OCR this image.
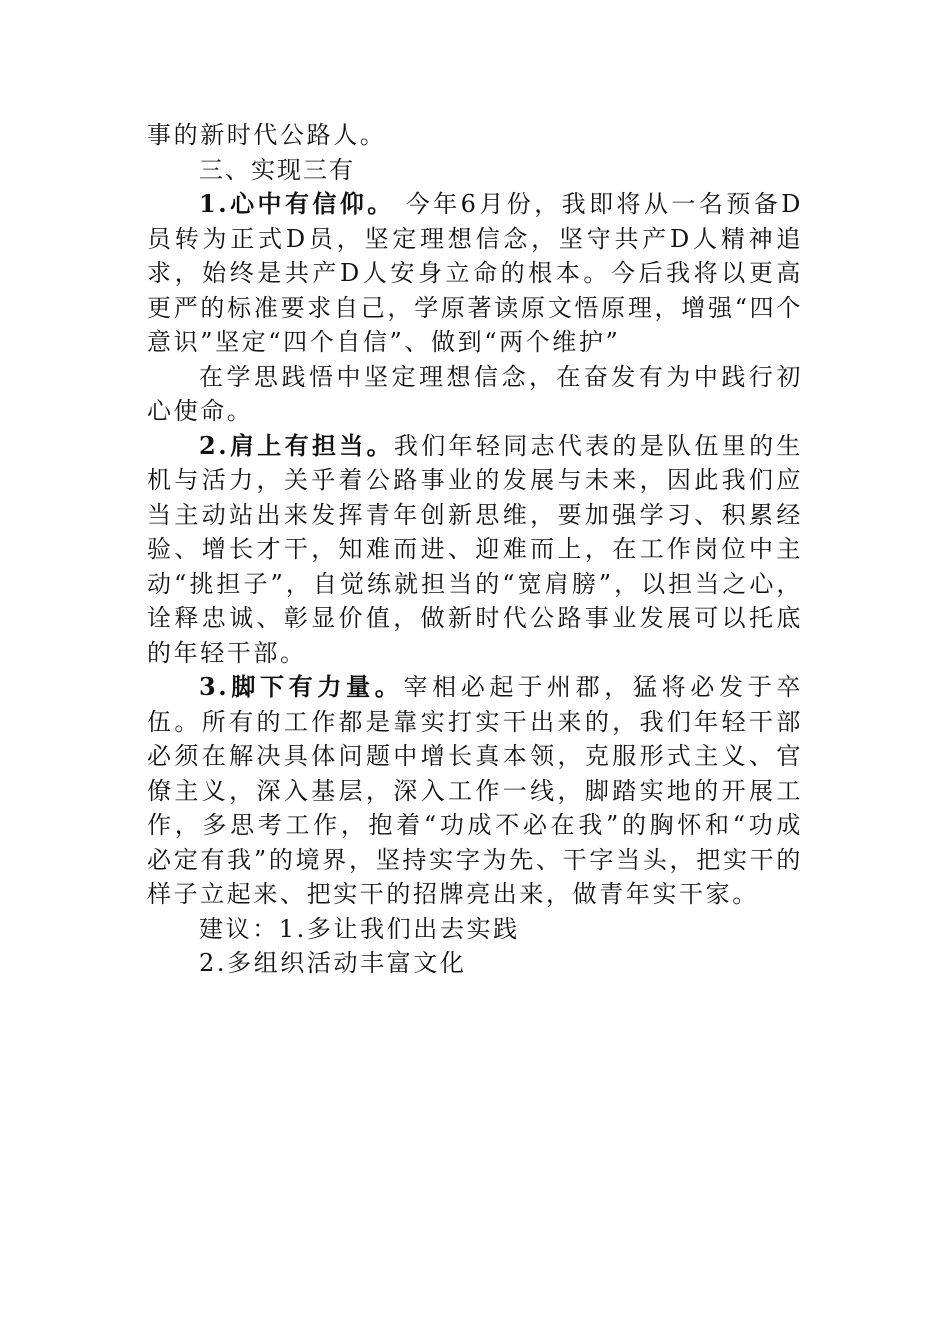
事的新时代公路人。

三、实现三有

1.心中有信仰。 今年6月份，我即将从一名预备D员转为正式D员，坚定理想信念，坚守共产D人精神追求，始终是共产D人安身立命的根本。今后我将以更高更严的标准要求自己，学原著读原文悟原理，增强“四个意识”坚定“四个自信”、做到“两个维护”

在学思践悟中坚定理想信念，在奋发有为中践行初心使命。

2.肩上有担当。我们年轻同志代表的是队伍里的生机与活力，关乎着公路事业的发展与未来，因此我们应当主动站出来发挥青年创新思维，要加强学习、积累经验、增长才干，知难而进、迎难而上，在工作岗位中主动“挑担子”，自觉练就担当的“宽肩膀”，以担当之心，诠释忠诚、彰显价值，做新时代公路事业发展可以托底的年轻干部。

3.脚下有力量。宰相必起于州郡，猛将必发于卒伍。所有的工作都是靠实打实干出来的，我们年轻干部必须在解决具体问题中增长真本领，克服形式主义、官僚主义，深入基层，深入工作一线，脚踏实地的开展工作，多思考工作，抱着“功成不必在我”的胸怀和“功成必定有我”的境界，坚持实字为先、干字当头，把实干的样子立起来、把实干的招牌亮出来，做青年实干家。

建议：1.多让我们出去实践

2.多组织活动丰富文化
